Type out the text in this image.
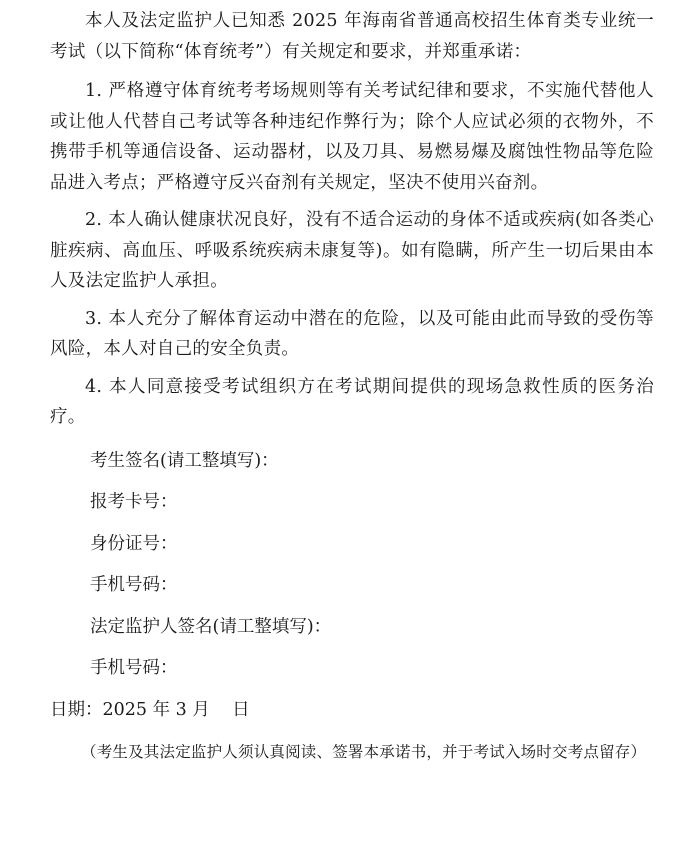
本人及法定监护人已知悉 2025 年海南省普通高校招生体育类专业统一考试（以下简称“体育统考”）有关规定和要求，并郑重承诺：

1. 严格遵守体育统考考场规则等有关考试纪律和要求，不实施代替他人或让他人代替自己考试等各种违纪作弊行为；除个人应试必须的衣物外，不携带手机等通信设备、运动器材，以及刀具、易燃易爆及腐蚀性物品等危险品进入考点；严格遵守反兴奋剂有关规定，坚决不使用兴奋剂。

2. 本人确认健康状况良好，没有不适合运动的身体不适或疾病(如各类心脏疾病、高血压、呼吸系统疾病未康复等)。如有隐瞒，所产生一切后果由本人及法定监护人承担。

3. 本人充分了解体育运动中潜在的危险，以及可能由此而导致的受伤等风险，本人对自己的安全负责。

4. 本人同意接受考试组织方在考试期间提供的现场急救性质的医务治疗。

考生签名(请工整填写)：

报考卡号：

身份证号：

手机号码：

法定监护人签名(请工整填写)：

手机号码：

日期：2025 年 3 月    日

（考生及其法定监护人须认真阅读、签署本承诺书，并于考试入场时交考点留存）
